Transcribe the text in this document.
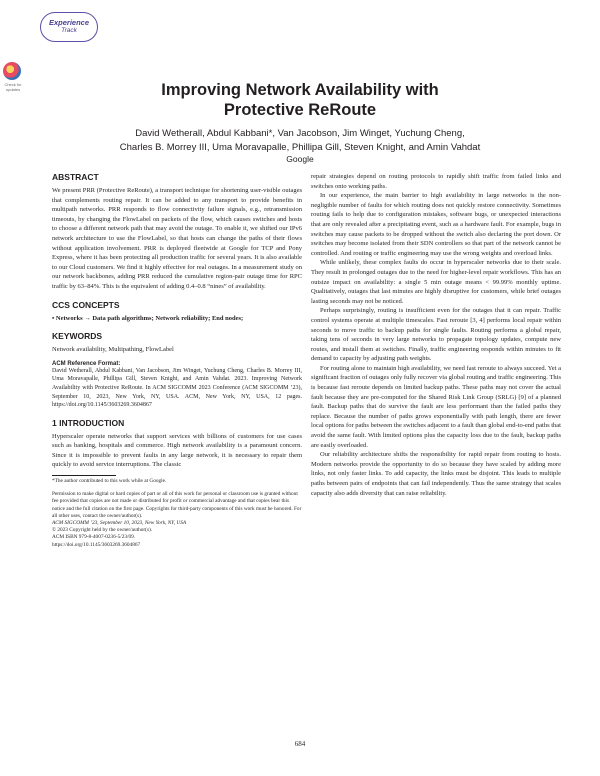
Experience
Track
Check for updates	Improving Network Availability with
Protective ReRoute
David Wetherall, Abdul Kabbani*, Van Jacobson, Jim Winget, Yuchung Cheng,
Charles B. Morrey III, Uma Moravapalle, Phillipa Gill, Steven Knight, and Amin Vahdat
Google
ABSTRACT

We present PRR (Protective ReRoute), a transport technique for shortening user-visible outages that complements routing repair. It can be added to any transport to provide benefits in multipath networks. PRR responds to flow connectivity failure signals, e.g., retransmission timeouts, by changing the FlowLabel on packets of the flow, which causes switches and hosts to choose a different network path that may avoid the outage. To enable it, we shifted our IPv6 network architecture to use the FlowLabel, so that hosts can change the paths of their flows without application involvement. PRR is deployed fleetwide at Google for TCP and Pony Express, where it has been protecting all production traffic for several years. It is also available to our Cloud customers. We find it highly effective for real outages. In a measurement study on our network backbones, adding PRR reduced the cumulative region-pair outage time for RPC traffic by 63–84%. This is the equivalent of adding 0.4–0.8 “nines” of availability.

CCS CONCEPTS
• Networks → Data path algorithms; Network reliability; End nodes;
KEYWORDS
Network availability, Multipathing, FlowLabel
ACM Reference Format:

David Wetherall, Abdul Kabbani, Van Jacobson, Jim Winget, Yuchung Cheng, Charles B. Morrey III, Uma Moravapalle, Phillipa Gill, Steven Knight, and Amin Vahdat. 2023. Improving Network Availability with Protective ReRoute. In ACM SIGCOMM 2023 Conference (ACM SIGCOMM ’23), September 10, 2023, New York, NY, USA. ACM, New York, NY, USA, 12 pages. https://doi.org/10.1145/3603269.3604867

1 INTRODUCTION

Hyperscaler operate networks that support services with billions of customers for use cases such as banking, hospitals and commerce. High network availability is a paramount concern. Since it is impossible to prevent faults in any large network, it is necessary to repair them quickly to avoid service interruptions. The classic

*The author contributed to this work while at Google.
Permission to make digital or hard copies of part or all of this work for personal or classroom use is granted without fee provided that copies are not made or distributed for profit or commercial advantage and that copies bear this notice and the full citation on the first page. Copyrights for third-party components of this work must be honored. For all other uses, contact the owner/author(s).
ACM SIGCOMM ’23, September 10, 2023, New York, NY, USA
© 2023 Copyright held by the owner/author(s).
ACM ISBN 979-8-4007-0236-5/23/09.
https://doi.org/10.1145/3603269.3604867

repair strategies depend on routing protocols to rapidly shift traffic from failed links and switches onto working paths.

In our experience, the main barrier to high availability in large networks is the non-negligible number of faults for which routing does not quickly restore connectivity. Sometimes routing fails to help due to configuration mistakes, software bugs, or unexpected interactions that are only revealed after a precipitating event, such as a hardware fault. For example, bugs in switches may cause packets to be dropped without the switch also declaring the port down. Or switches may become isolated from their SDN controllers so that part of the network cannot be controlled. And routing or traffic engineering may use the wrong weights and overload links.

While unlikely, these complex faults do occur in hyperscaler networks due to their scale. They result in prolonged outages due to the need for higher-level repair workflows. This has an outsize impact on availability: a single 5 min outage means < 99.99% monthly uptime. Qualitatively, outages that last minutes are highly disruptive for customers, while brief outages lasting seconds may not be noticed.

Perhaps surprisingly, routing is insufficient even for the outages that it can repair. Traffic control systems operate at multiple timescales. Fast reroute [3, 4] performs local repair within seconds to move traffic to backup paths for single faults. Routing performs a global repair, taking tens of seconds in very large networks to propagate topology updates, compute new routes, and install them at switches. Finally, traffic engineering responds within minutes to fit demand to capacity by adjusting path weights.

For routing alone to maintain high availability, we need fast reroute to always succeed. Yet a significant fraction of outages only fully recover via global routing and traffic engineering. This is because fast reroute depends on limited backup paths. These paths may not cover the actual fault because they are pre-computed for the Shared Risk Link Group (SRLG) [9] of a planned fault. Backup paths that do survive the fault are less performant than the failed paths they replace. Because the number of paths grows exponentially with path length, there are fewer local options for paths between the switches adjacent to a fault than global end-to-end paths that avoid the same fault. With limited options plus the capacity loss due to the fault, backup paths are easily overloaded.

Our reliability architecture shifts the responsibility for rapid repair from routing to hosts. Modern networks provide the opportunity to do so because they have scaled by adding more links, not only faster links. To add capacity, the links must be disjoint. This leads to multiple paths between pairs of endpoints that can fail independently. Thus the same strategy that scales capacity also adds diversity that can raise reliability.

684
